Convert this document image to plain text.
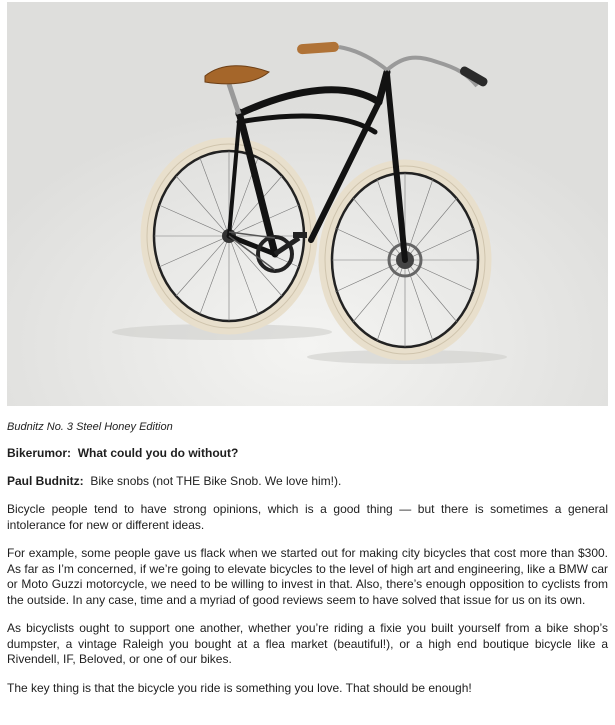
Budnitz No. 3 Steel Honey Edition

Bikerumor: What could you do without?

Paul Budnitz: Bike snobs (not THE Bike Snob. We love him!).

Bicycle people tend to have strong opinions, which is a good thing — but there is sometimes a general intolerance for new or different ideas.

For example, some people gave us flack when we started out for making city bicycles that cost more than $300. As far as I’m concerned, if we’re going to elevate bicycles to the level of high art and engineering, like a BMW car or Moto Guzzi motorcycle, we need to be willing to invest in that. Also, there’s enough opposition to cyclists from the outside. In any case, time and a myriad of good reviews seem to have solved that issue for us on its own.

As bicyclists ought to support one another, whether you’re riding a fixie you built yourself from a bike shop’s dumpster, a vintage Raleigh you bought at a flea market (beautiful!), or a high end boutique bicycle like a Rivendell, IF, Beloved, or one of our bikes.

The key thing is that the bicycle you ride is something you love. That should be enough!
